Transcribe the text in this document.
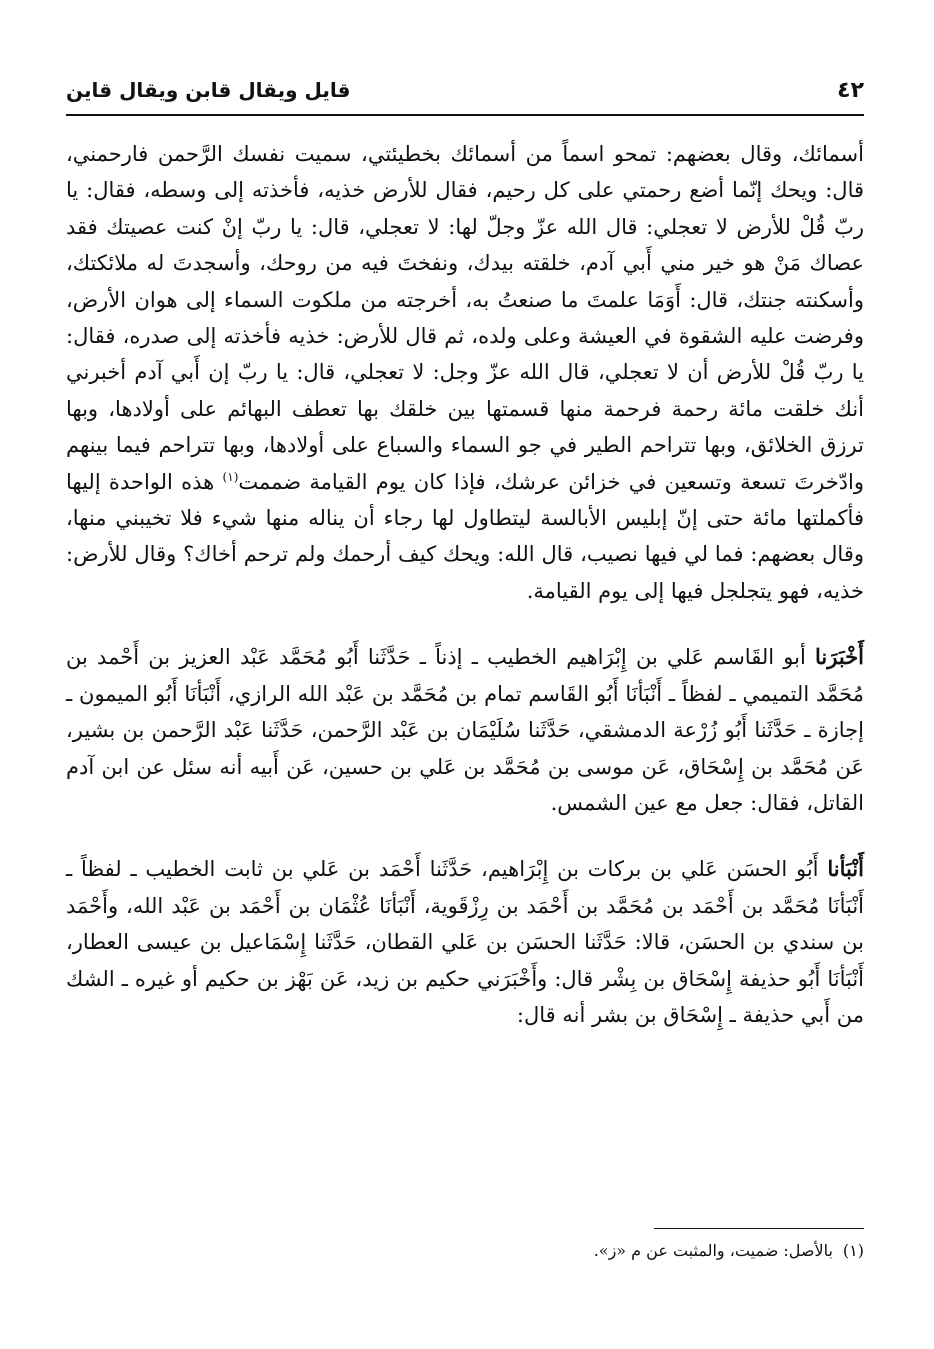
٤٢
قايل ويقال قابن ويقال قاين

أسمائك، وقال بعضهم: تمحو اسماً من أسمائك بخطيئتي، سميت نفسك الرَّحمن فارحمني، قال: ويحك إنّما أضع رحمتي على كل رحيم، فقال للأرض خذيه، فأخذته إلى وسطه، فقال: يا ربّ قُلْ للأرض لا تعجلي: قال الله عزّ وجلّ لها: لا تعجلي، قال: يا ربّ إنْ كنت عصيتك فقد عصاك مَنْ هو خير مني أَبي آدم، خلقته بيدك، ونفختَ فيه من روحك، وأسجدتَ له ملائكتك، وأسكنته جنتك، قال: أَوَمَا علمتَ ما صنعتُ به، أخرجته من ملكوت السماء إلى هوان الأرض، وفرضت عليه الشقوة في العيشة وعلى ولده، ثم قال للأرض: خذيه فأخذته إلى صدره، فقال: يا ربّ قُلْ للأرض أن لا تعجلي، قال الله عزّ وجل: لا تعجلي، قال: يا ربّ إن أَبي آدم أخبرني أنك خلقت مائة رحمة فرحمة منها قسمتها بين خلقك بها تعطف البهائم على أولادها، وبها ترزق الخلائق، وبها تتراحم الطير في جو السماء والسباع على أولادها، وبها تتراحم فيما بينهم وادّخرتَ تسعة وتسعين في خزائن عرشك، فإذا كان يوم القيامة ضممت$^{(١)}$ هذه الواحدة إليها فأكملتها مائة حتى إنّ إبليس الأبالسة ليتطاول لها رجاء أن يناله منها شيء فلا تخيبني منها، وقال بعضهم: فما لي فيها نصيب، قال الله: ويحك كيف أرحمك ولم ترحم أخاك؟ وقال للأرض: خذيه، فهو يتجلجل فيها إلى يوم القيامة.

أَخْبَرَنا أبو القَاسم عَلي بن إِبْرَاهيم الخطيب ـ إذناً ـ حَدَّثَنا أَبُو مُحَمَّد عَبْد العزيز بن أَحْمد بن مُحَمَّد التميمي ـ لفظاً ـ أَنْبَأنَا أَبُو القَاسم تمام بن مُحَمَّد بن عَبْد الله الرازي، أَنْبَأنَا أَبُو الميمون ـ إجازة ـ حَدَّثَنا أَبُو زُرْعة الدمشقي، حَدَّثَنا سُلَيْمَان بن عَبْد الرَّحمن، حَدَّثَنا عَبْد الرَّحمن بن بشير، عَن مُحَمَّد بن إِسْحَاق، عَن موسى بن مُحَمَّد بن عَلي بن حسين، عَن أَبيه أنه سئل عن ابن آدم القاتل، فقال: جعل مع عين الشمس.

أَنْبَأنا أَبُو الحسَن عَلي بن بركات بن إِبْرَاهيم، حَدَّثَنا أَحْمَد بن عَلي بن ثابت الخطيب ـ لفظاً ـ أَنْبَأنَا مُحَمَّد بن أَحْمَد بن مُحَمَّد بن أَحْمَد بن رِزْقَوية، أَنْبَأنَا عُثْمَان بن أَحْمَد بن عَبْد الله، وأَحْمَد بن سندي بن الحسَن، قالا: حَدَّثَنا الحسَن بن عَلي القطان، حَدَّثَنا إِسْمَاعيل بن عيسى العطار، أَنْبَأنَا أَبُو حذيفة إِسْحَاق بن بِشْر قال: وأَخْبَرَني حكيم بن زيد، عَن بَهْز بن حكيم أو غيره ـ الشك من أَبي حذيفة ـ إِسْحَاق بن بشر أنه قال:

(١)بالأصل: ضميت، والمثبت عن م «ز».
